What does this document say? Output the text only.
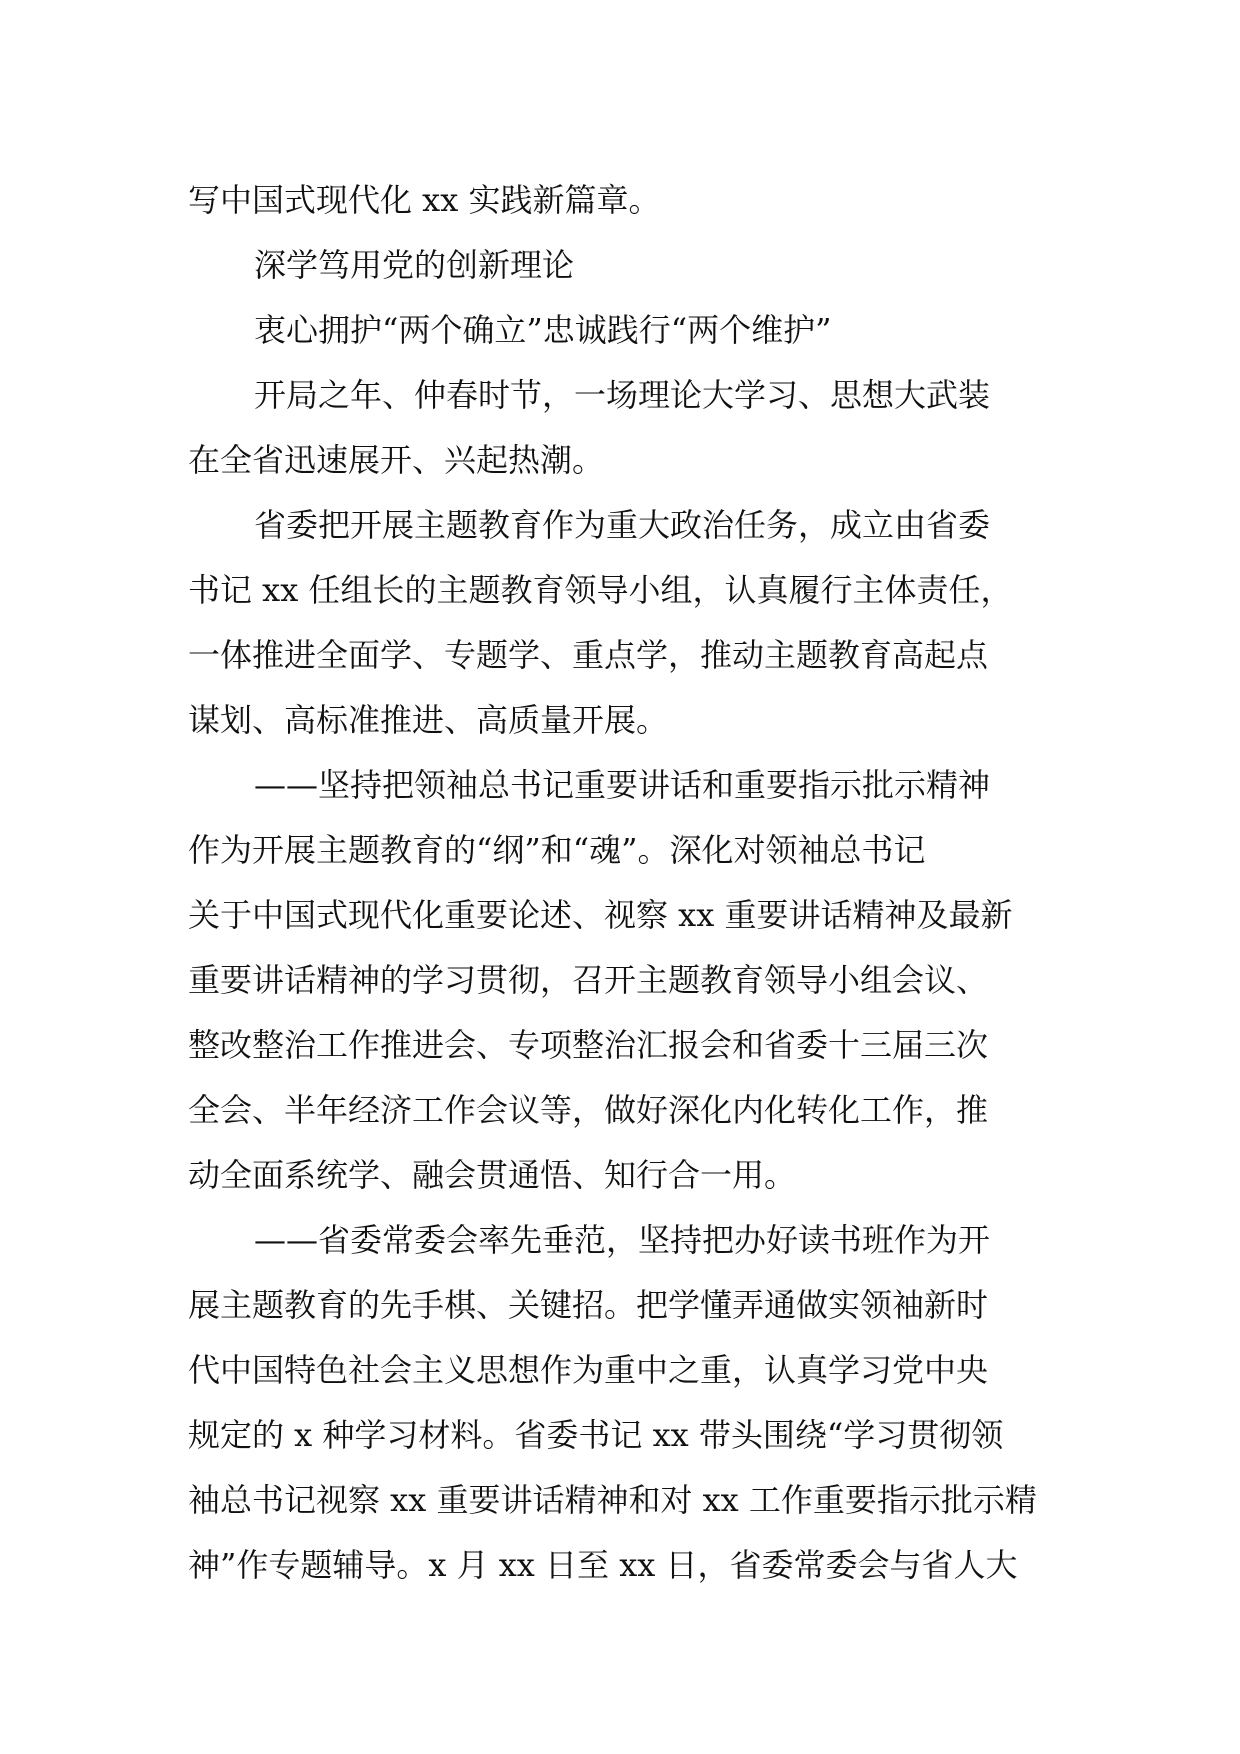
写中国式现代化 xx 实践新篇章。
深学笃用党的创新理论
衷心拥护“两个确立”忠诚践行“两个维护”
开局之年、仲春时节，一场理论大学习、思想大武装
在全省迅速展开、兴起热潮。
省委把开展主题教育作为重大政治任务，成立由省委
书记 xx 任组长的主题教育领导小组，认真履行主体责任，
一体推进全面学、专题学、重点学，推动主题教育高起点
谋划、高标准推进、高质量开展。
——坚持把领袖总书记重要讲话和重要指示批示精神
作为开展主题教育的“纲”和“魂”。深化对领袖总书记
关于中国式现代化重要论述、视察 xx 重要讲话精神及最新
重要讲话精神的学习贯彻，召开主题教育领导小组会议、
整改整治工作推进会、专项整治汇报会和省委十三届三次
全会、半年经济工作会议等，做好深化内化转化工作，推
动全面系统学、融会贯通悟、知行合一用。
——省委常委会率先垂范，坚持把办好读书班作为开
展主题教育的先手棋、关键招。把学懂弄通做实领袖新时
代中国特色社会主义思想作为重中之重，认真学习党中央
规定的 x 种学习材料。省委书记 xx 带头围绕“学习贯彻领
袖总书记视察 xx 重要讲话精神和对 xx 工作重要指示批示精
神”作专题辅导。x 月 xx 日至 xx 日，省委常委会与省人大
